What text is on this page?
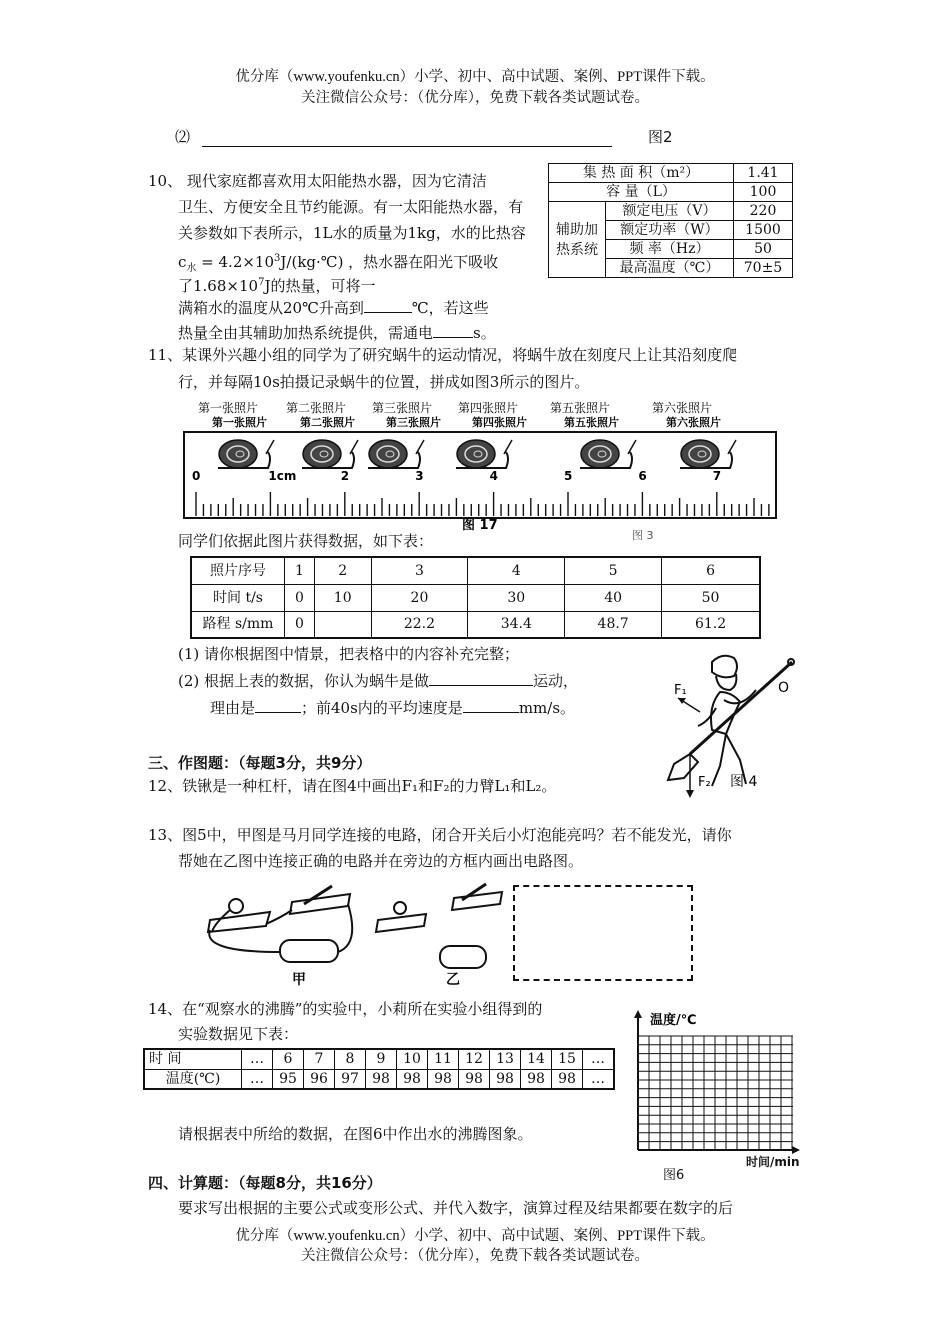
优分库（www.youfenku.cn）小学、初中、高中试题、案例、PPT课件下载。
关注微信公众号：（优分库），免费下载各类试题试卷。
⑵	图2
10、 现代家庭都喜欢用太阳能热水器，因为它清洁
卫生、方便安全且节约能源。有一太阳能热水器，有
关参数如下表所示，1L水的质量为1kg，水的比热容
$c_水$ = $4.2\times 10^3J/(kg\cdot℃)$ ，热水器在阳光下吸收
了$1.68\times 10^7J$的热量，可将一
满箱水的温度从20℃升高到	℃，若这些
热量全由其辅助加热系统提供，需通电	s。
集 热 面 积（m²）		1.41
容 量（L）		100
辅助加热系统	额定电压（V）	220
	额定功率（W）	1500
	频 率（Hz）	50
	最高温度（℃）	70±5
11、某课外兴趣小组的同学为了研究蜗牛的运动情况，将蜗牛放在刻度尺上让其沿刻度爬
行，并每隔10s拍摄记录蜗牛的位置，拼成如图3所示的图片。
0	1cm	2	3	4	5	6	7
第一张照片
第一张照片
第二张照片
第二张照片
第三张照片
第三张照片
第四张照片
第四张照片
第五张照片
第五张照片
第六张照片
第六张照片
图 17
图 3
同学们依据此图片获得数据，如下表：
照片序号	1	2	3	4	5	6
时间 t/s	0	10	20	30	40	50
路程 s/mm	0		22.2	34.4	48.7	61.2
(1) 请你根据图中情景，把表格中的内容补充完整；
(2) 根据上表的数据，你认为蜗牛是做	运动，
理由是	；前40s内的平均速度是	mm/s。
F₁	O
F₂ 图 4
三、作图题：（每题3分，共9分）
12、铁锹是一种杠杆，请在图4中画出F₁和F₂的力臂L₁和L₂。
13、图5中，甲图是马月同学连接的电路，闭合开关后小灯泡能亮吗？若不能发光，请你
帮她在乙图中连接正确的电路并在旁边的方框内画出电路图。
甲	乙
14、在“观察水的沸腾”的实验中，小莉所在实验小组得到的
实验数据见下表：
时 间	…	6	7	8	9	10	11	12	13	14	15	…
温度(℃)	…	95	96	97	98	98	98	98	98	98	98	…
请根据表中所给的数据，在图6中作出水的沸腾图象。
温度/℃
时间/min
图6
四、计算题：（每题8分，共16分）
要求写出根据的主要公式或变形公式、并代入数字，演算过程及结果都要在数字的后
优分库（www.youfenku.cn）小学、初中、高中试题、案例、PPT课件下载。
关注微信公众号：（优分库），免费下载各类试题试卷。
